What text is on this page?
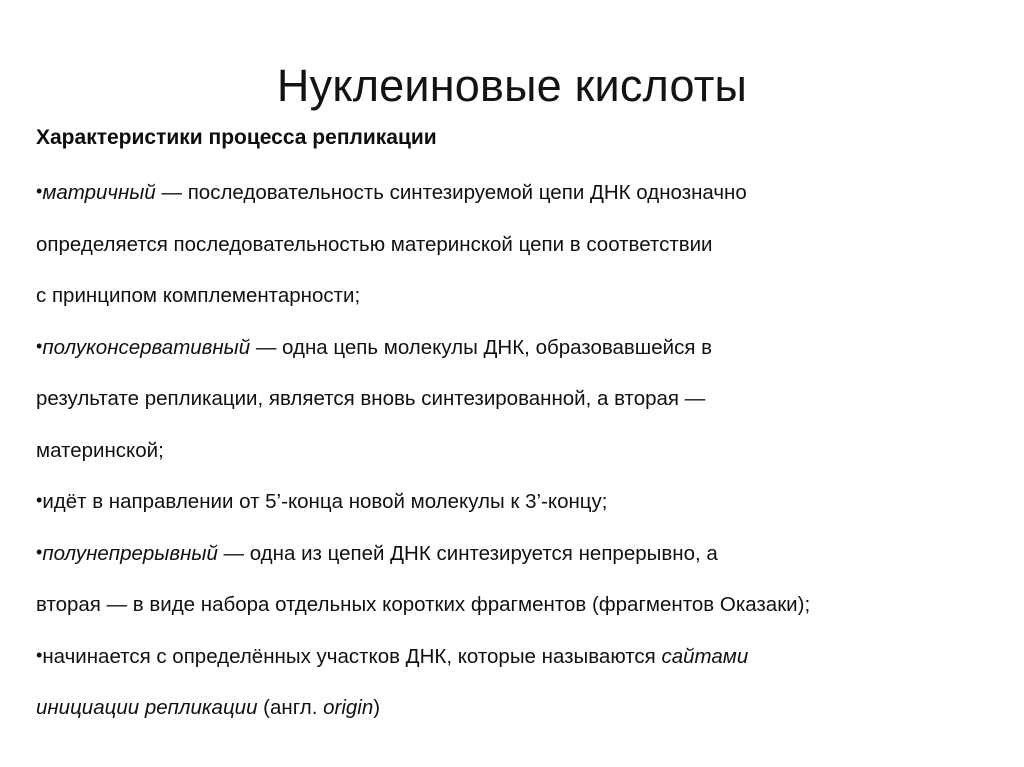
Нуклеиновые кислоты
Характеристики процесса репликации

•матричный — последовательность синтезируемой цепи ДНК однозначно

определяется последовательностью материнской цепи в соответствии

с принципом комплементарности;

•полуконсервативный — одна цепь молекулы ДНК, образовавшейся в

результате репликации, является вновь синтезированной, а вторая —

материнской;

•идёт в направлении от 5’-конца новой молекулы к 3’-концу;

•полунепрерывный — одна из цепей ДНК синтезируется непрерывно, а

вторая — в виде набора отдельных коротких фрагментов (фрагментов Оказаки);

•начинается с определённых участков ДНК, которые называются сайтами

инициации репликации (англ. origin)
